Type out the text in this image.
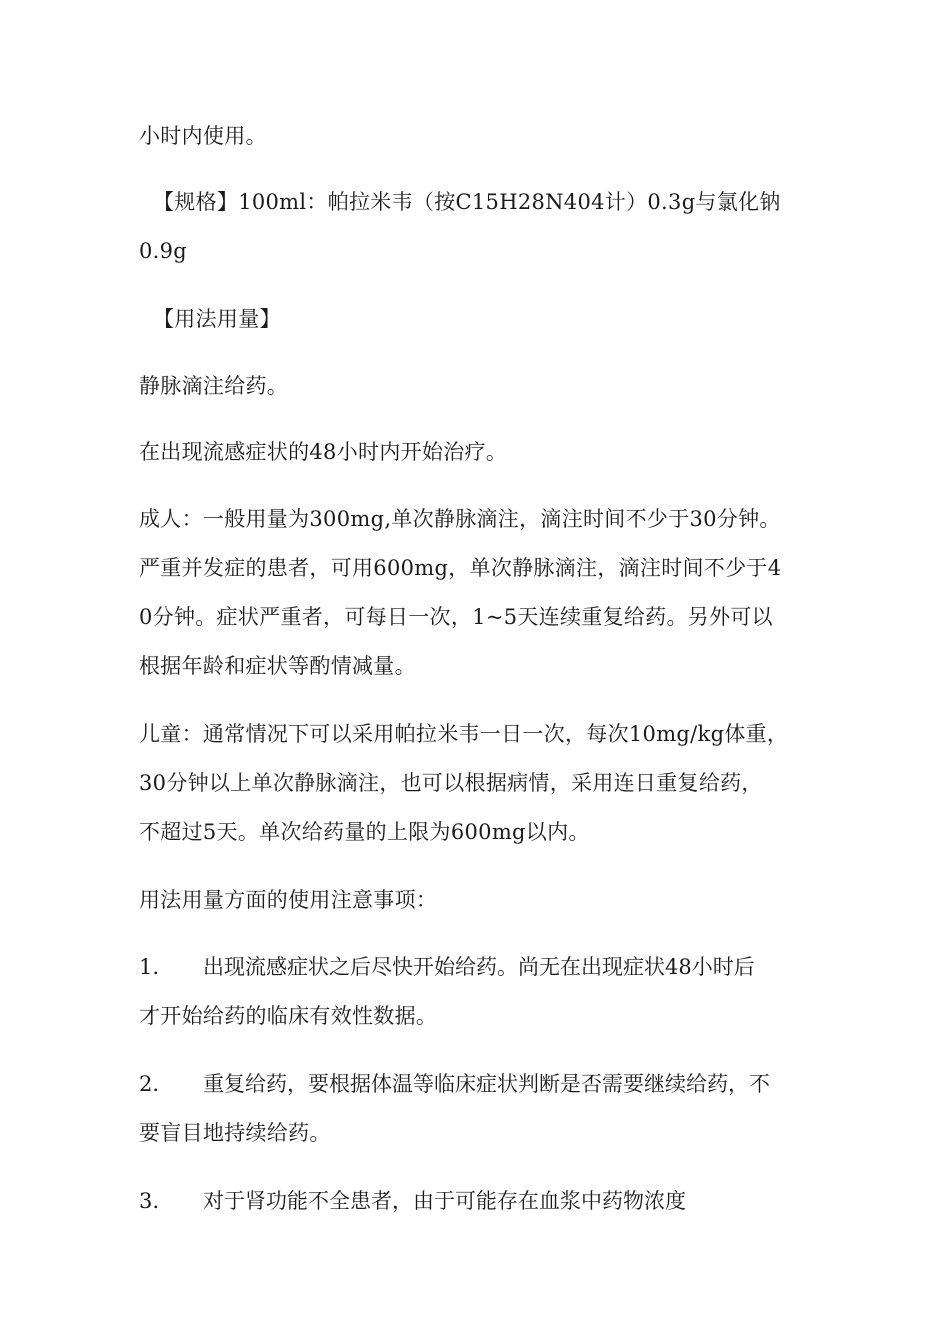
小时内使用。
【规格】100ml：帕拉米韦（按C15H28N404计）0.3g与氯化钠
0.9g
【用法用量】
静脉滴注给药。
在出现流感症状的48小时内开始治疗。
成人：一般用量为300mg,单次静脉滴注，滴注时间不少于30分钟。
严重并发症的患者，可用600mg，单次静脉滴注，滴注时间不少于4
0分钟。症状严重者，可每日一次，1~5天连续重复给药。另外可以
根据年龄和症状等酌情减量。
儿童：通常情况下可以采用帕拉米韦一日一次，每次10mg/kg体重，
30分钟以上单次静脉滴注，也可以根据病情，采用连日重复给药，
不超过5天。单次给药量的上限为600mg以内。
用法用量方面的使用注意事项：
1. 出现流感症状之后尽快开始给药。尚无在出现症状48小时后
才开始给药的临床有效性数据。
2. 重复给药，要根据体温等临床症状判断是否需要继续给药，不
要盲目地持续给药。
3. 对于肾功能不全患者，由于可能存在血浆中药物浓度
